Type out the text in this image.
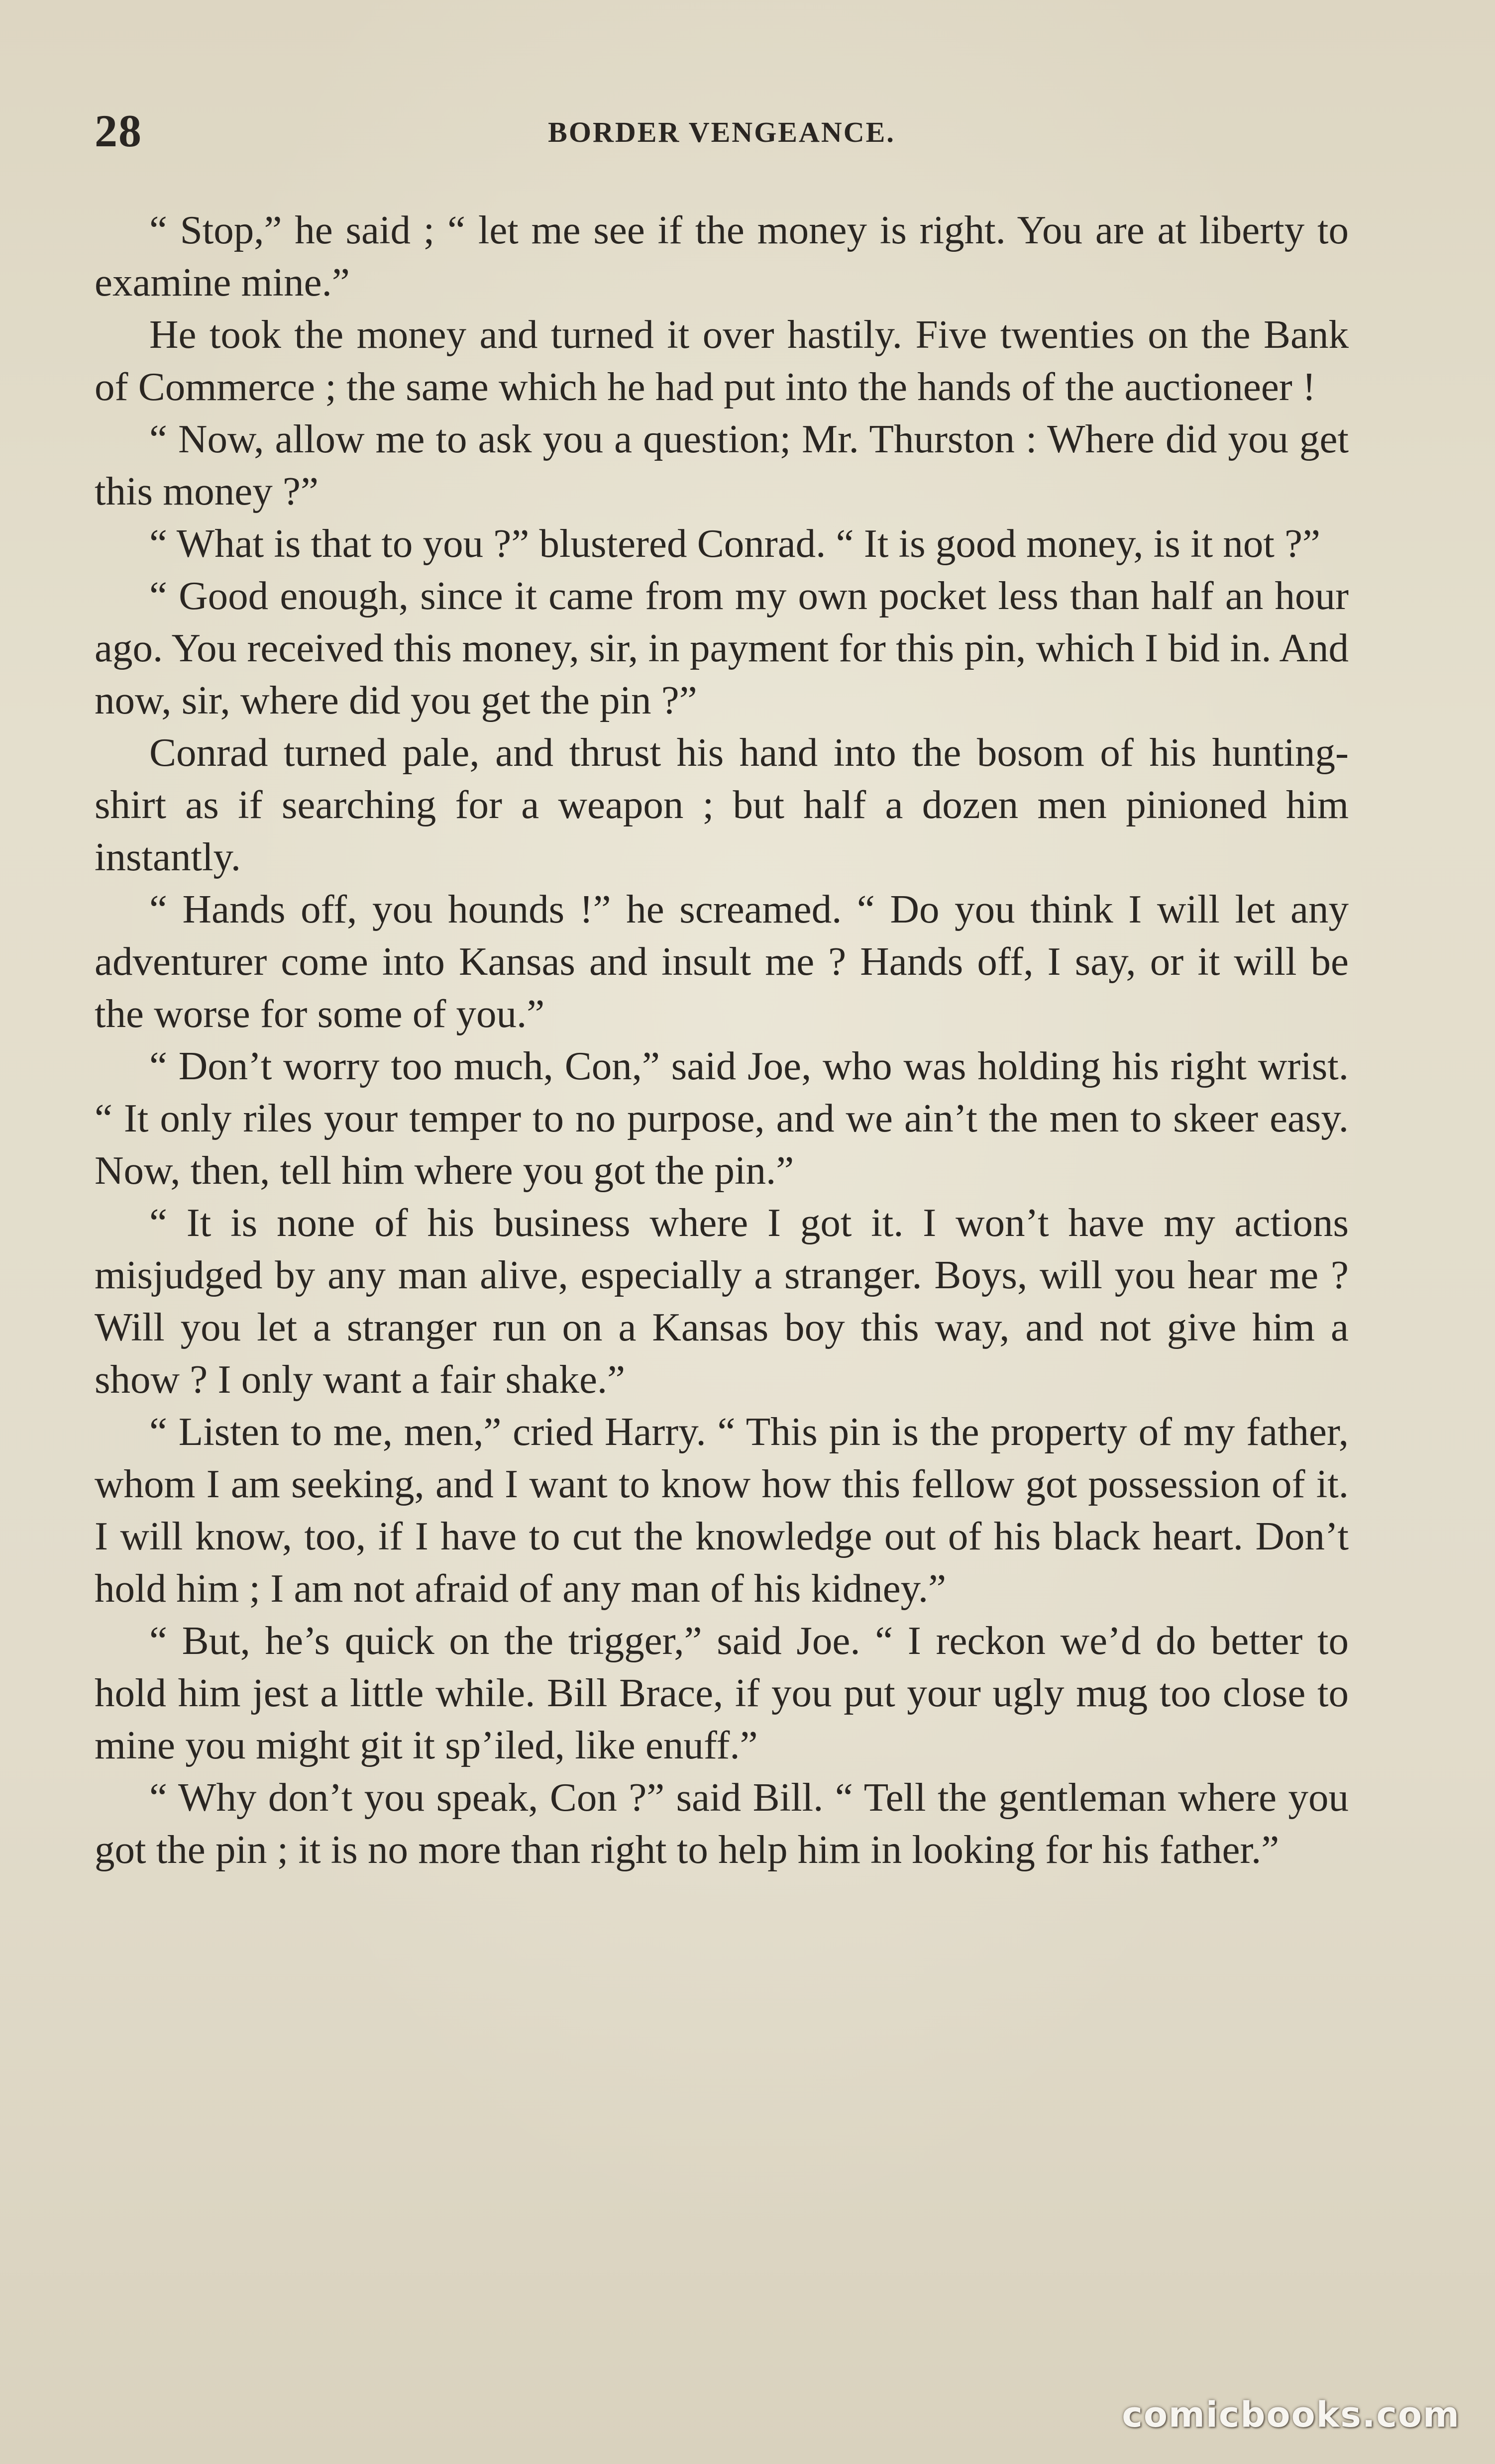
28	BORDER VENGEANCE.

“ Stop,” he said ; “ let me see if the money is right. You are at liberty to examine mine.”

He took the money and turned it over hastily. Five twenties on the Bank of Commerce ; the same which he had put into the hands of the auctioneer !

“ Now, allow me to ask you a question; Mr. Thurston : Where did you get this money ?”

“ What is that to you ?” blustered Conrad. “ It is good money, is it not ?”

“ Good enough, since it came from my own pocket less than half an hour ago. You received this money, sir, in payment for this pin, which I bid in. And now, sir, where did you get the pin ?”

Conrad turned pale, and thrust his hand into the bosom of his hunting-shirt as if searching for a weapon ; but half a dozen men pinioned him instantly.

“ Hands off, you hounds !” he screamed. “ Do you think I will let any adventurer come into Kansas and insult me ? Hands off, I say, or it will be the worse for some of you.”

“ Don’t worry too much, Con,” said Joe, who was holding his right wrist. “ It only riles your temper to no purpose, and we ain’t the men to skeer easy. Now, then, tell him where you got the pin.”

“ It is none of his business where I got it. I won’t have my actions misjudged by any man alive, especially a stranger. Boys, will you hear me ? Will you let a stranger run on a Kansas boy this way, and not give him a show ? I only want a fair shake.”

“ Listen to me, men,” cried Harry. “ This pin is the property of my father, whom I am seeking, and I want to know how this fellow got possession of it. I will know, too, if I have to cut the knowledge out of his black heart. Don’t hold him ; I am not afraid of any man of his kidney.”

“ But, he’s quick on the trigger,” said Joe. “ I reckon we’d do better to hold him jest a little while. Bill Brace, if you put your ugly mug too close to mine you might git it sp’iled, like enuff.”

“ Why don’t you speak, Con ?” said Bill. “ Tell the gentleman where you got the pin ; it is no more than right to help him in looking for his father.”

comicbooks.com
